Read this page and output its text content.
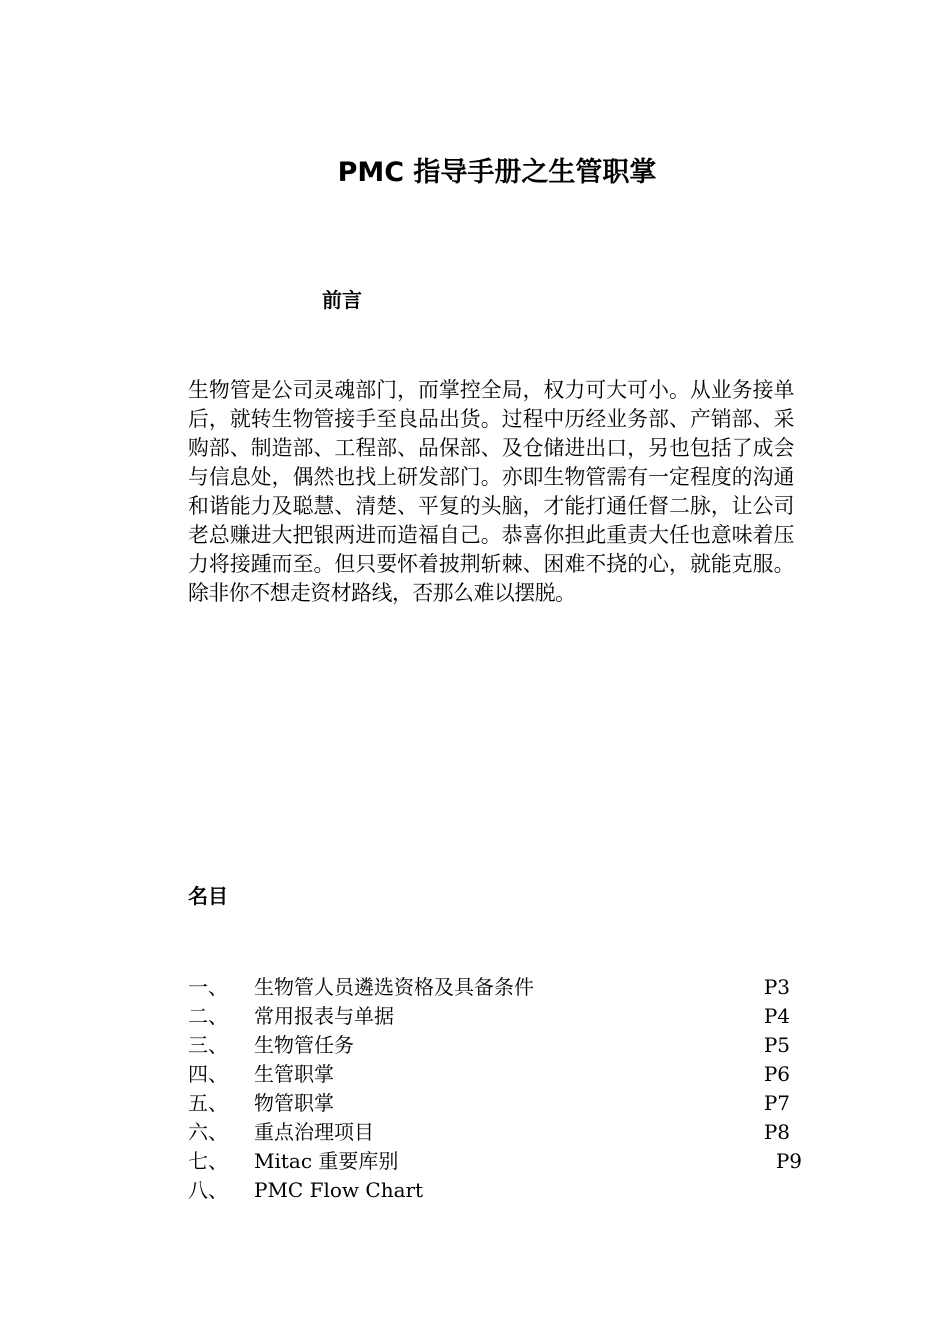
PMC 指导手册之生管职掌
前言

生物管是公司灵魂部门，而掌控全局，权力可大可小。从业务接单后，就转生物管接手至良品出货。过程中历经业务部、产销部、采购部、制造部、工程部、品保部、及仓储进出口，另也包括了成会与信息处，偶然也找上研发部门。亦即生物管需有一定程度的沟通和谐能力及聪慧、清楚、平复的头脑，才能打通任督二脉，让公司老总赚进大把银两进而造福自己。恭喜你担此重责大任也意味着压力将接踵而至。但只要怀着披荆斩棘、困难不挠的心，就能克服。除非你不想走资材路线，否那么难以摆脱。

名目
一、 生物管人员遴选资格及具备条件	P3
二、 常用报表与单据	P4
三、 生物管任务	P5
四、 生管职掌	P6
五、 物管职掌	P7
六、 重点治理项目	P8
七、 Mitac 重要库别	P9
八、 PMC Flow Chart
